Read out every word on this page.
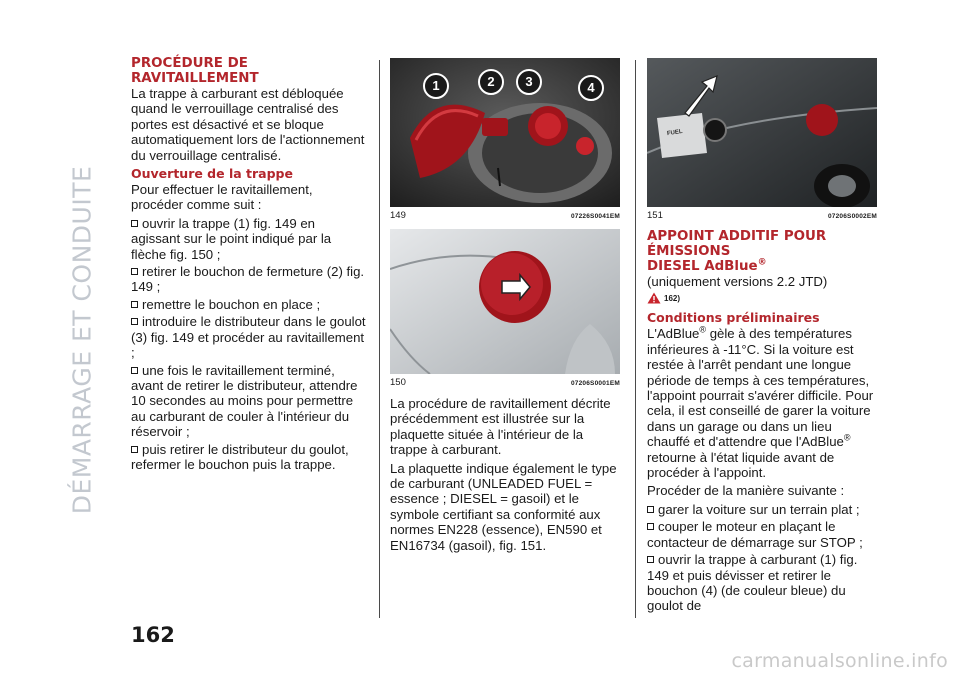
DÉMARRAGE ET CONDUITE
PROCÉDURE DE RAVITAILLEMENT

La trappe à carburant est débloquée quand le verrouillage centralisé des portes est désactivé et se bloque automatiquement lors de l'actionnement du verrouillage centralisé.

Ouverture de la trappe

Pour effectuer le ravitaillement, procéder comme suit :

ouvrir la trappe (1) fig. 149 en agissant sur le point indiqué par la flèche fig. 150 ;
retirer le bouchon de fermeture (2) fig. 149 ;
remettre le bouchon en place ;
introduire le distributeur dans le goulot (3) fig. 149 et procéder au ravitaillement ;
une fois le ravitaillement terminé, avant de retirer le distributeur, attendre 10 secondes au moins pour permettre au carburant de couler à l'intérieur du réservoir ;
puis retirer le distributeur du goulot, refermer le bouchon puis la trappe.
1	2	3	4
149	07226S0041EM
150	07206S0001EM

La procédure de ravitaillement décrite précédemment est illustrée sur la plaquette située à l'intérieur de la trappe à carburant.

La plaquette indique également le type de carburant (UNLEADED FUEL = essence ; DIESEL = gasoil) et le symbole certifiant sa conformité aux normes EN228 (essence), EN590 et EN16734 (gasoil), fig. 151.

FUEL
151	07206S0002EM
APPOINT ADDITIF POUR ÉMISSIONS
DIESEL AdBlue®

(uniquement versions 2.2 JTD)

162)
Conditions préliminaires

L'AdBlue® gèle à des températures inférieures à -11°C. Si la voiture est restée à l'arrêt pendant une longue période de temps à ces températures, l'appoint pourrait s'avérer difficile. Pour cela, il est conseillé de garer la voiture dans un garage ou dans un lieu chauffé et d'attendre que l'AdBlue® retourne à l'état liquide avant de procéder à l'appoint.

Procéder de la manière suivante :

garer la voiture sur un terrain plat ;
couper le moteur en plaçant le contacteur de démarrage sur STOP ;
ouvrir la trappe à carburant (1) fig. 149 et puis dévisser et retirer le bouchon (4) (de couleur bleue) du goulot de
162
carmanualsonline.info
